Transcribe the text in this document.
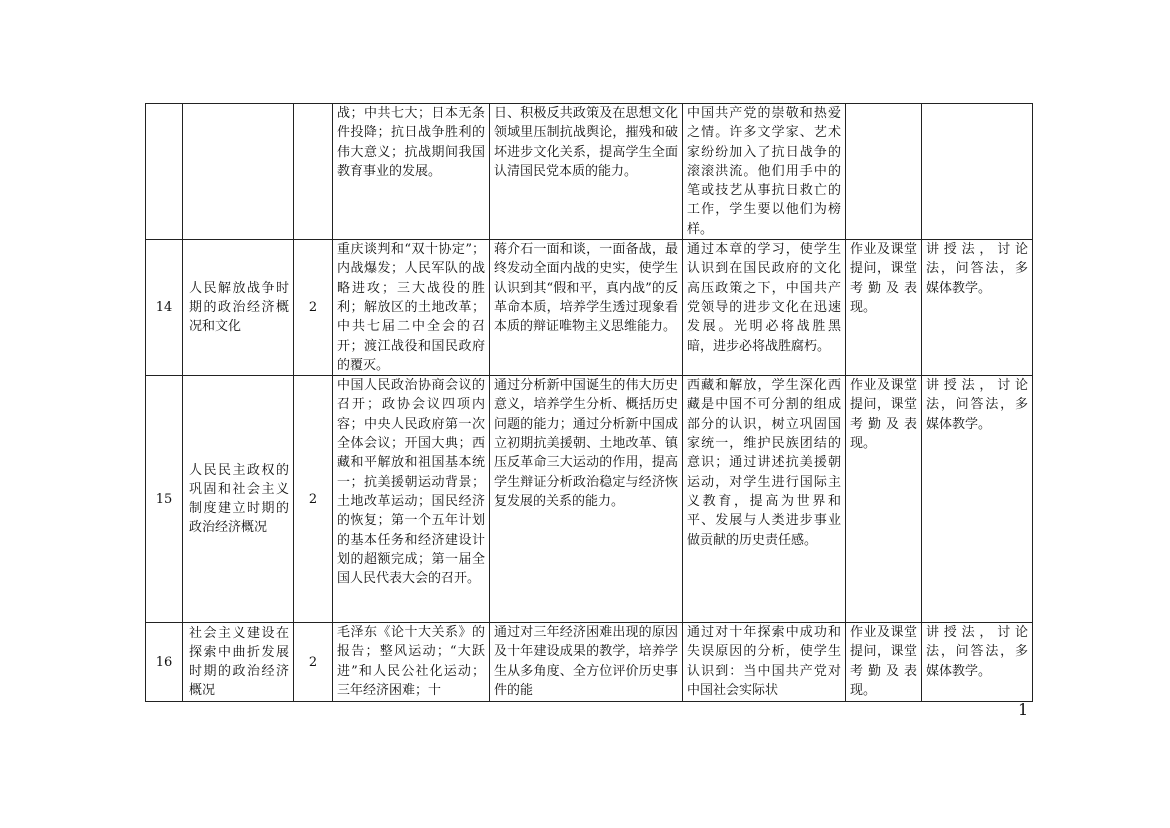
			战；中共七大；日本无条件投降；抗日战争胜利的伟大意义；抗战期间我国教育事业的发展。	日、积极反共政策及在思想文化领域里压制抗战舆论，摧残和破坏进步文化关系，提高学生全面认清国民党本质的能力。	中国共产党的崇敬和热爱之情。许多文学家、艺术家纷纷加入了抗日战争的滚滚洪流。他们用手中的笔或技艺从事抗日救亡的工作，学生要以他们为榜样。		
14	人民解放战争时期的政治经济概况和文化	2	重庆谈判和“双十协定”；内战爆发；人民军队的战略进攻；三大战役的胜利；解放区的土地改革；中共七届二中全会的召开；渡江战役和国民政府的覆灭。	蒋介石一面和谈，一面备战，最终发动全面内战的史实，使学生认识到其“假和平，真内战”的反革命本质，培养学生透过现象看本质的辩证唯物主义思维能力。	通过本章的学习，使学生认识到在国民政府的文化高压政策之下，中国共产党领导的进步文化在迅速发展。光明必将战胜黑暗，进步必将战胜腐朽。	作业及课堂提问，课堂考勤及表现。	讲授法，讨论法，问答法，多媒体教学。
15	人民民主政权的巩固和社会主义制度建立时期的政治经济概况	2	中国人民政治协商会议的召开；政协会议四项内容；中央人民政府第一次全体会议；开国大典；西藏和平解放和祖国基本统一；抗美援朝运动背景；土地改革运动；国民经济的恢复；第一个五年计划的基本任务和经济建设计划的超额完成；第一届全国人民代表大会的召开。	通过分析新中国诞生的伟大历史意义，培养学生分析、概括历史问题的能力；通过分析新中国成立初期抗美援朝、土地改革、镇压反革命三大运动的作用，提高学生辩证分析政治稳定与经济恢复发展的关系的能力。	西藏和解放，学生深化西藏是中国不可分割的组成部分的认识，树立巩固国家统一，维护民族团结的意识；通过讲述抗美援朝运动，对学生进行国际主义教育，提高为世界和平、发展与人类进步事业做贡献的历史责任感。	作业及课堂提问，课堂考勤及表现。	讲授法，讨论法，问答法，多媒体教学。
16	社会主义建设在探索中曲折发展时期的政治经济概况	2	毛泽东《论十大关系》的报告；整风运动；“大跃进”和人民公社化运动；三年经济困难；十	通过对三年经济困难出现的原因及十年建设成果的教学，培养学生从多角度、全方位评价历史事件的能	通过对十年探索中成功和失误原因的分析，使学生认识到：当中国共产党对中国社会实际状	作业及课堂提问，课堂考勤及表现。	讲授法，讨论法，问答法，多媒体教学。
1
